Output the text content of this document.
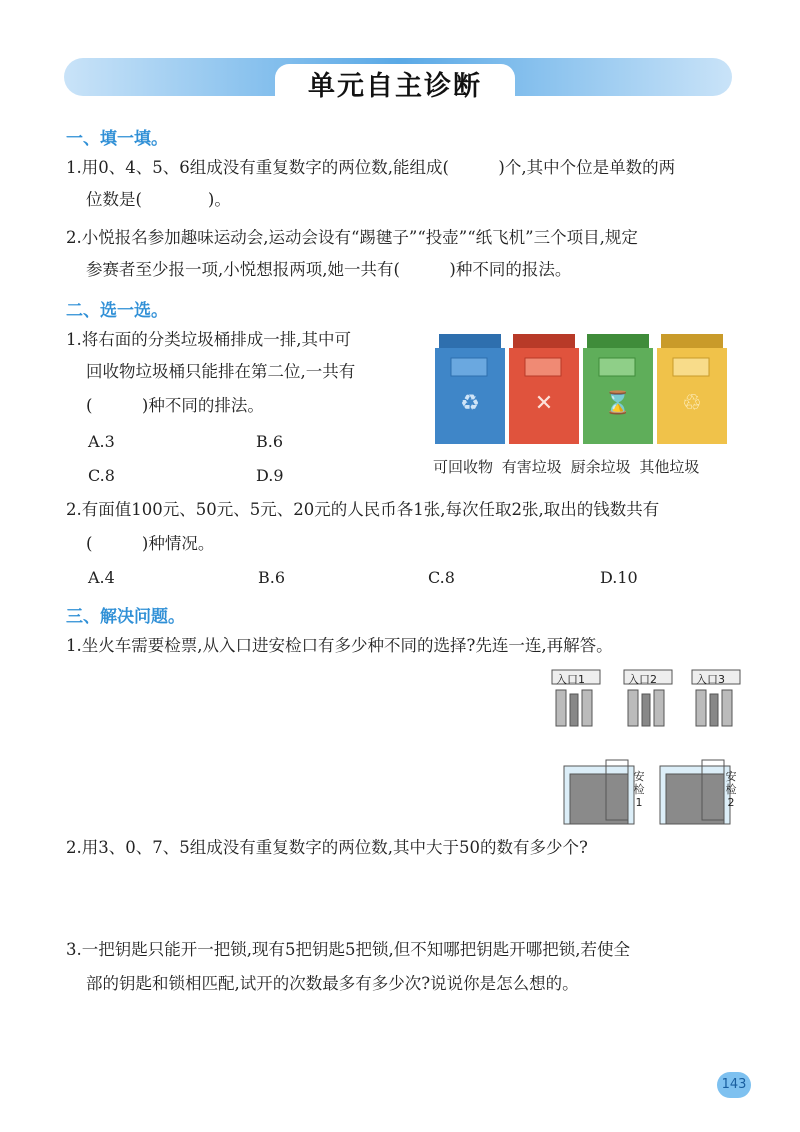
单元自主诊断
一、填一填。
1.用0、4、5、6组成没有重复数字的两位数,能组成(　　　)个,其中个位是单数的两
位数是(　　　　)。
2.小悦报名参加趣味运动会,运动会设有“踢毽子”“投壶”“纸飞机”三个项目,规定
参赛者至少报一项,小悦想报两项,她一共有(　　　)种不同的报法。
二、选一选。
1.将右面的分类垃圾桶排成一排,其中可
回收物垃圾桶只能排在第二位,一共有
(　　　)种不同的排法。
A.3	B.6
C.8	D.9
♻ ✕ ⌛ ♲
可回收物 有害垃圾 厨余垃圾 其他垃圾
2.有面值100元、50元、5元、20元的人民币各1张,每次任取2张,取出的钱数共有
(　　　)种情况。
A.4	B.6	C.8	D.10
三、解决问题。
1.坐火车需要检票,从入口进安检口有多少种不同的选择?先连一连,再解答。
入口1	入口2	入口3
安检1
安检2
2.用3、0、7、5组成没有重复数字的两位数,其中大于50的数有多少个?
3.一把钥匙只能开一把锁,现有5把钥匙5把锁,但不知哪把钥匙开哪把锁,若使全
部的钥匙和锁相匹配,试开的次数最多有多少次?说说你是怎么想的。
143
